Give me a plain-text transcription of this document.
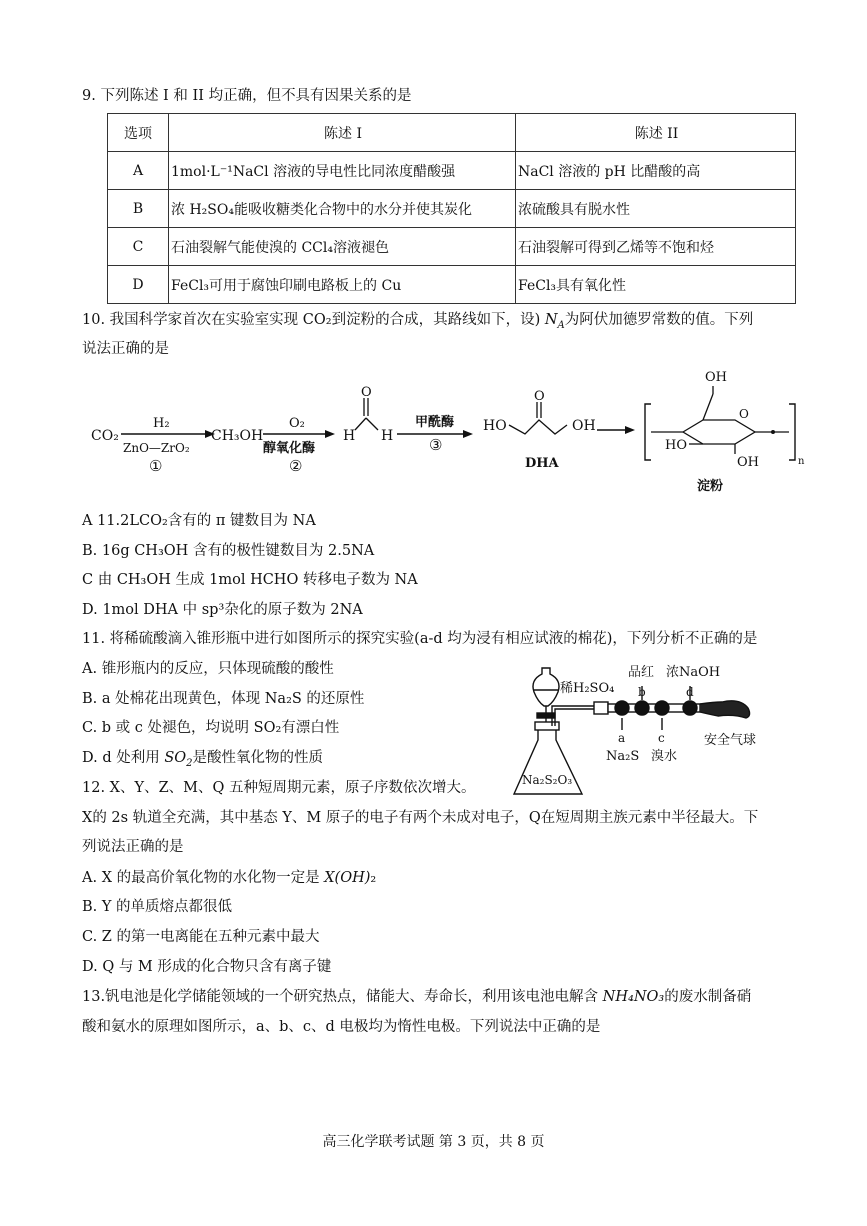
9. 下列陈述 I 和 II 均正确，但不具有因果关系的是
选项	陈述 I	陈述 II
A	1mol·L⁻¹NaCl 溶液的导电性比同浓度醋酸强	NaCl 溶液的 pH 比醋酸的高
B	浓 H₂SO₄能吸收糖类化合物中的水分并使其炭化	浓硫酸具有脱水性
C	石油裂解气能使溴的 CCl₄溶液褪色	石油裂解可得到乙烯等不饱和烃
D	FeCl₃可用于腐蚀印刷电路板上的 Cu	FeCl₃具有氧化性
10. 我国科学家首次在实验室实现 CO₂到淀粉的合成，其路线如下，设) $N_A$为阿伏加德罗常数的值。下列
说法正确的是
CO₂
H₂
ZnO—ZrO₂
①
CH₃OH
O₂
醇氧化酶
②
H
O
H
甲酰酶
③
HO
O
OH
DHA	n
OH
O
HO
OH
淀粉
A 11.2LCO₂含有的 π 键数目为 NA
B. 16g CH₃OH 含有的极性键数目为 2.5NA
C 由 CH₃OH 生成 1mol HCHO 转移电子数为 NA
D. 1mol DHA 中 sp³杂化的原子数为 2NA
11. 将稀硫酸滴入锥形瓶中进行如图所示的探究实验(a-d 均为浸有相应试液的棉花)，下列分析不正确的是
A. 锥形瓶内的反应，只体现硫酸的酸性
B. a 处棉花出现黄色，体现 Na₂S 的还原性
C. b 或 c 处褪色，均说明 SO₂有漂白性
D. d 处利用 $SO_2$是酸性氧化物的性质
稀H₂SO₄
品红 浓NaOH
b	d
a	c
Na₂S 溴水
安全气球
Na₂S₂O₃
12. X、Y、Z、M、Q 五种短周期元素，原子序数依次增大。
X的 2s 轨道全充满，其中基态 Y、M 原子的电子有两个未成对电子，Q在短周期主族元素中半径最大。下
列说法正确的是
A. X 的最高价氧化物的水化物一定是 X(OH)₂
B. Y 的单质熔点都很低
C. Z 的第一电离能在五种元素中最大
D. Q 与 M 形成的化合物只含有离子键
13.钒电池是化学储能领域的一个研究热点，储能大、寿命长，利用该电池电解含 NH₄NO₃的废水制备硝
酸和氨水的原理如图所示，a、b、c、d 电极均为惰性电极。下列说法中正确的是
高三化学联考试题 第 3 页，共 8 页
